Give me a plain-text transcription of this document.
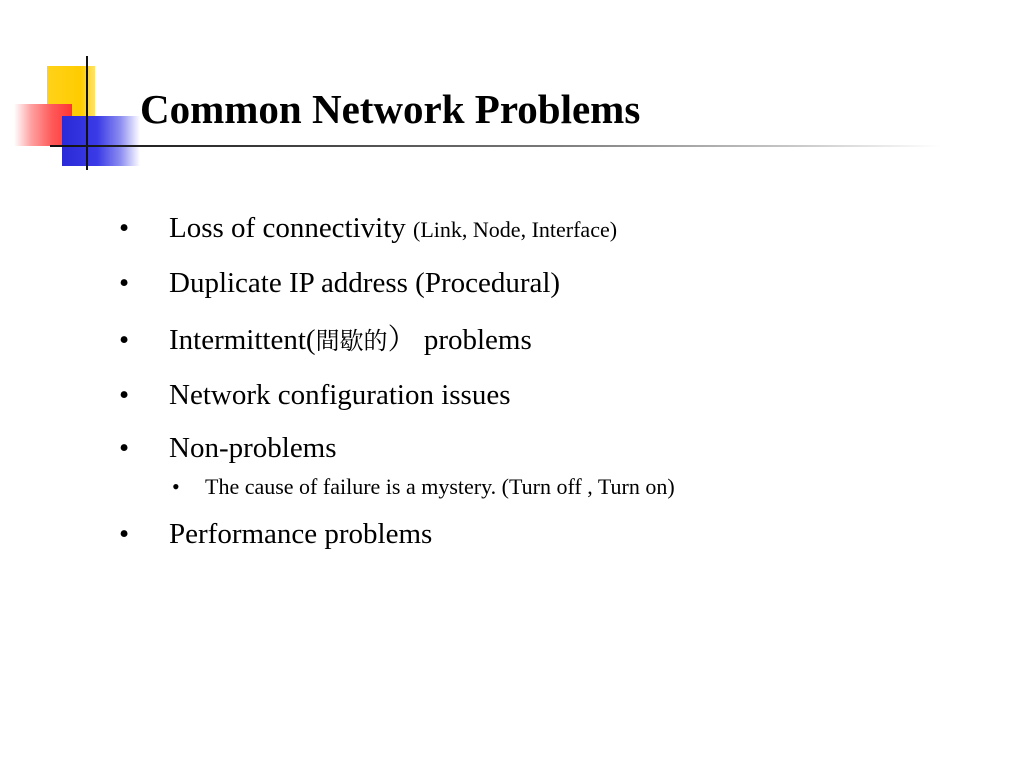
Common Network Problems
• Loss of connectivity (Link, Node, Interface)
• Duplicate IP address (Procedural)
• Intermittent(間歇的） problems
• Network configuration issues
• Non-problems
• The cause of failure is a mystery. (Turn off , Turn on)
• Performance problems
